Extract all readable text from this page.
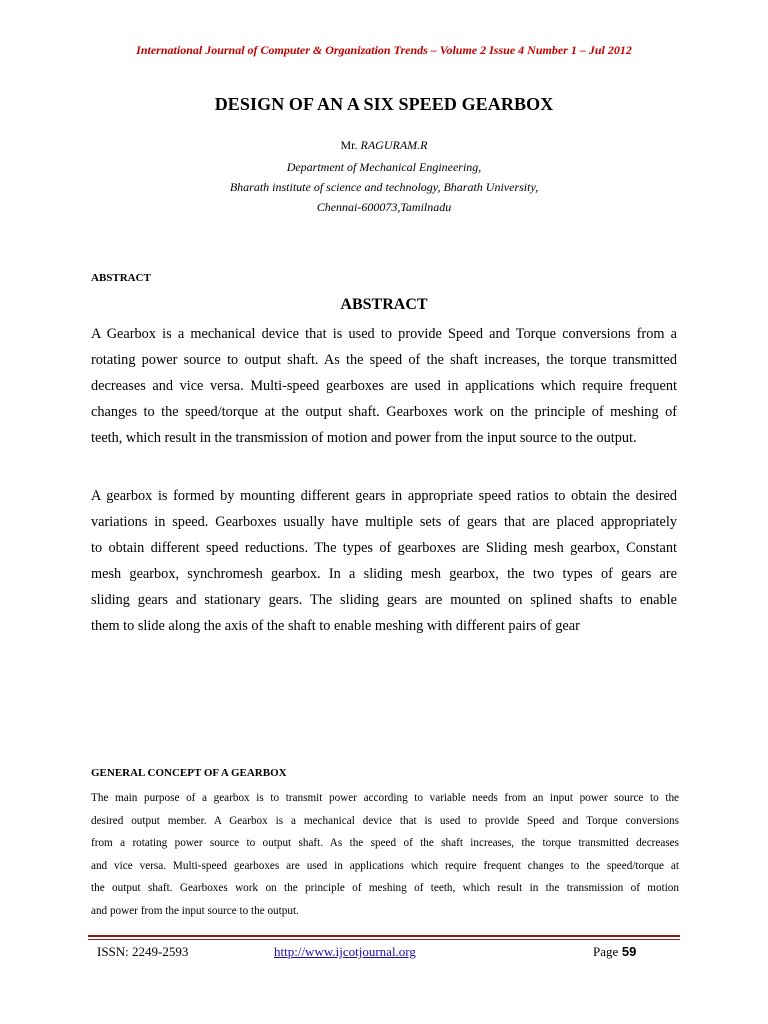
International Journal of Computer & Organization Trends – Volume 2 Issue 4 Number 1 – Jul 2012
DESIGN OF AN A SIX SPEED GEARBOX
Mr. RAGURAM.R
Department of Mechanical Engineering,
Bharath institute of science and technology, Bharath University,
Chennai-600073,Tamilnadu
ABSTRACT
ABSTRACT
A Gearbox is a mechanical device that is used to provide Speed and Torque conversions from a
rotating power source to output shaft. As the speed of the shaft increases, the torque transmitted
decreases and vice versa. Multi-speed gearboxes are used in applications which require frequent
changes to the speed/torque at the output shaft. Gearboxes work on the principle of meshing of
teeth, which result in the transmission of motion and power from the input source to the output.
A gearbox is formed by mounting different gears in appropriate speed ratios to obtain the desired
variations in speed. Gearboxes usually have multiple sets of gears that are placed appropriately
to obtain different speed reductions. The types of gearboxes are Sliding mesh gearbox, Constant
mesh gearbox, synchromesh gearbox. In a sliding mesh gearbox, the two types of gears are
sliding gears and stationary gears. The sliding gears are mounted on splined shafts to enable
them to slide along the axis of the shaft to enable meshing with different pairs of gear
GENERAL CONCEPT OF A GEARBOX
The main purpose of a gearbox is to transmit power according to variable needs from an input power source to the
desired output member. A Gearbox is a mechanical device that is used to provide Speed and Torque conversions
from a rotating power source to output shaft. As the speed of the shaft increases, the torque transmitted decreases
and vice versa. Multi-speed gearboxes are used in applications which require frequent changes to the speed/torque at
the output shaft. Gearboxes work on the principle of meshing of teeth, which result in the transmission of motion
and power from the input source to the output.
ISSN: 2249-2593	http://www.ijcotjournal.org	Page 59
